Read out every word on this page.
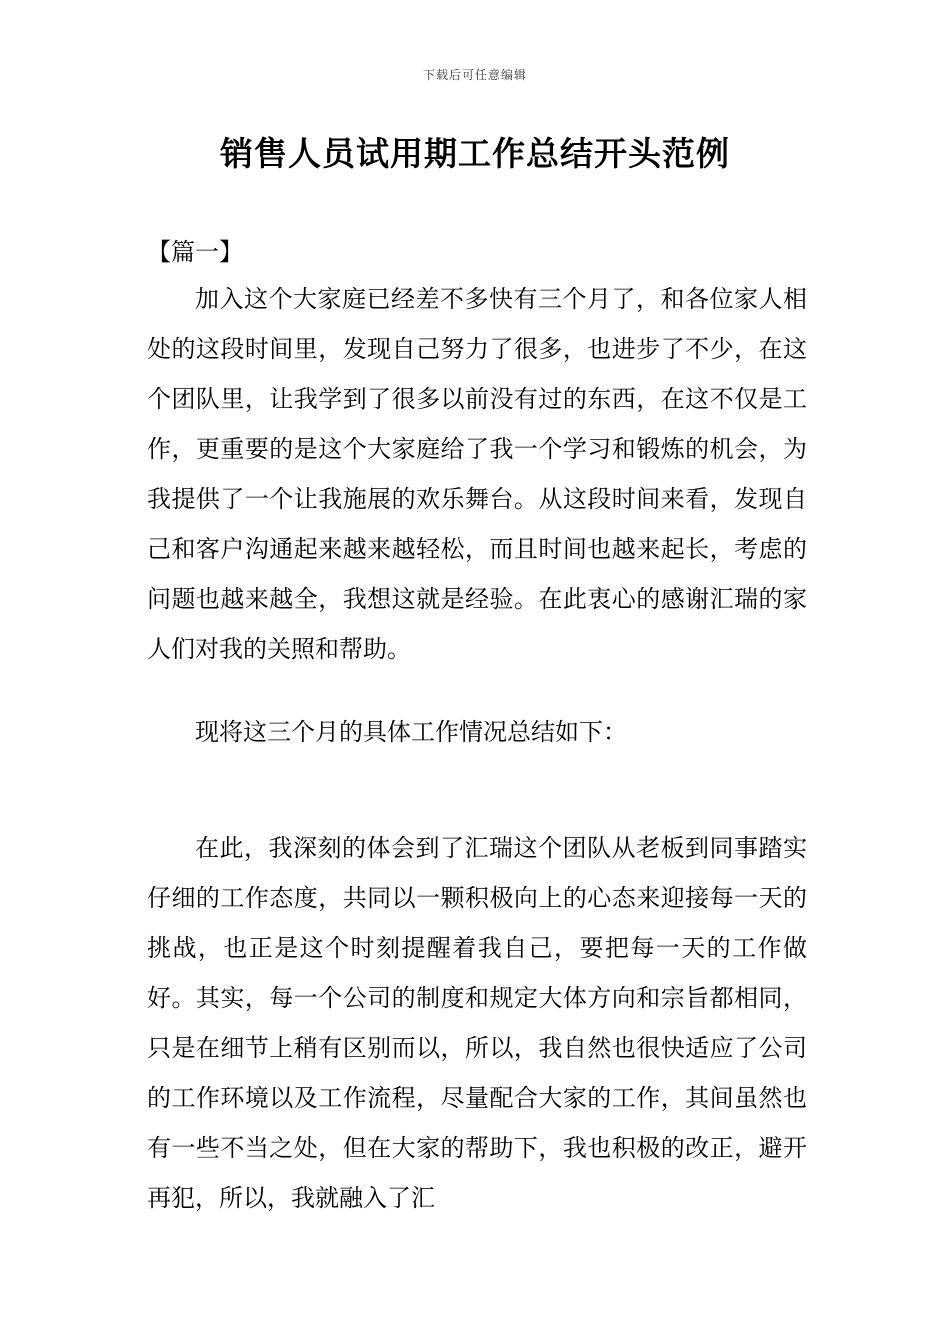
下载后可任意编辑
销售人员试用期工作总结开头范例
【篇一】

加入这个大家庭已经差不多快有三个月了，和各位家人相处的这段时间里，发现自己努力了很多，也进步了不少，在这个团队里，让我学到了很多以前没有过的东西，在这不仅是工作，更重要的是这个大家庭给了我一个学习和锻炼的机会，为我提供了一个让我施展的欢乐舞台。从这段时间来看，发现自己和客户沟通起来越来越轻松，而且时间也越来起长，考虑的问题也越来越全，我想这就是经验。在此衷心的感谢汇瑞的家人们对我的关照和帮助。

现将这三个月的具体工作情况总结如下：

在此，我深刻的体会到了汇瑞这个团队从老板到同事踏实仔细的工作态度，共同以一颗积极向上的心态来迎接每一天的挑战，也正是这个时刻提醒着我自己，要把每一天的工作做好。其实，每一个公司的制度和规定大体方向和宗旨都相同，只是在细节上稍有区别而以，所以，我自然也很快适应了公司的工作环境以及工作流程，尽量配合大家的工作，其间虽然也有一些不当之处，但在大家的帮助下，我也积极的改正，避开再犯，所以，我就融入了汇
